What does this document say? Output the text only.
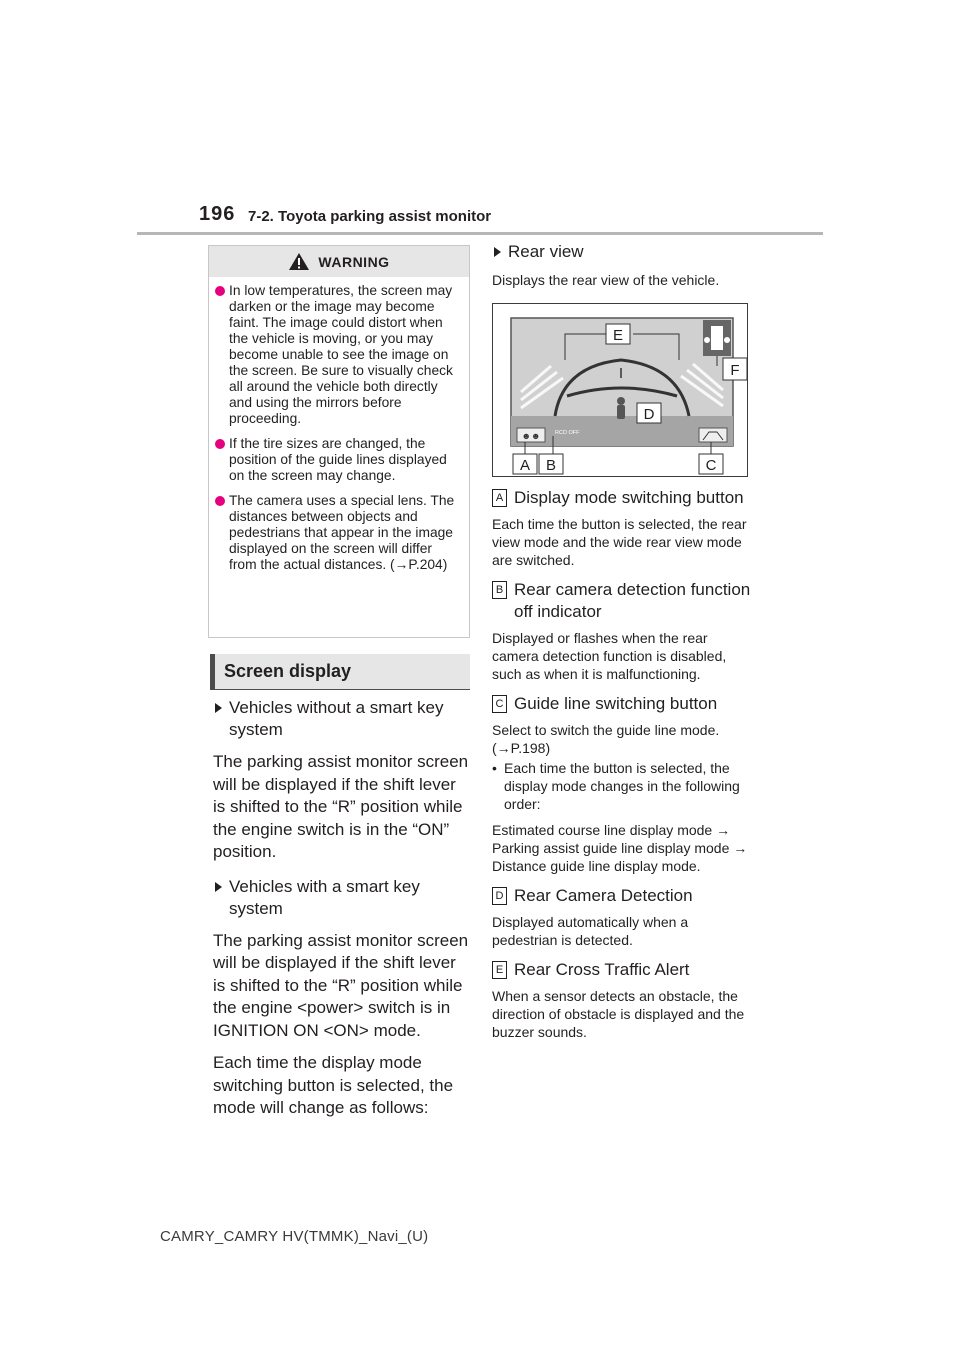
196 7-2. Toyota parking assist monitor
WARNING
In low temperatures, the screen may darken or the image may become faint. The image could distort when the vehicle is moving, or you may become unable to see the image on the screen. Be sure to visually check all around the vehicle both directly and using the mirrors before proceeding.
If the tire sizes are changed, the position of the guide lines displayed on the screen may change.
The camera uses a special lens. The distances between objects and pedestrians that appear in the image displayed on the screen will differ from the actual distances. (→P.204)
Screen display
Vehicles without a smart key system

The parking assist monitor screen will be displayed if the shift lever is shifted to the “R” position while the engine switch is in the “ON” position.

Vehicles with a smart key system

The parking assist monitor screen will be displayed if the shift lever is shifted to the “R” position while the engine <power> switch is in IGNITION ON <ON> mode.

Each time the display mode switching button is selected, the mode will change as follows:

Rear view

Displays the rear view of the vehicle.

E
D
F
☻☻	RCD OFF
A B	C
A Display mode switching button

Each time the button is selected, the rear view mode and the wide rear view mode are switched.

B Rear camera detection function off indicator

Displayed or flashes when the rear camera detection function is disabled, such as when it is malfunctioning.

C Guide line switching button

Select to switch the guide line mode. (→P.198)

• Each time the button is selected, the display mode changes in the following order:

Estimated course line display mode → Parking assist guide line display mode → Distance guide line display mode.

D Rear Camera Detection

Displayed automatically when a pedestrian is detected.

E Rear Cross Traffic Alert

When a sensor detects an obstacle, the direction of obstacle is displayed and the buzzer sounds.

CAMRY_CAMRY HV(TMMK)_Navi_(U)
